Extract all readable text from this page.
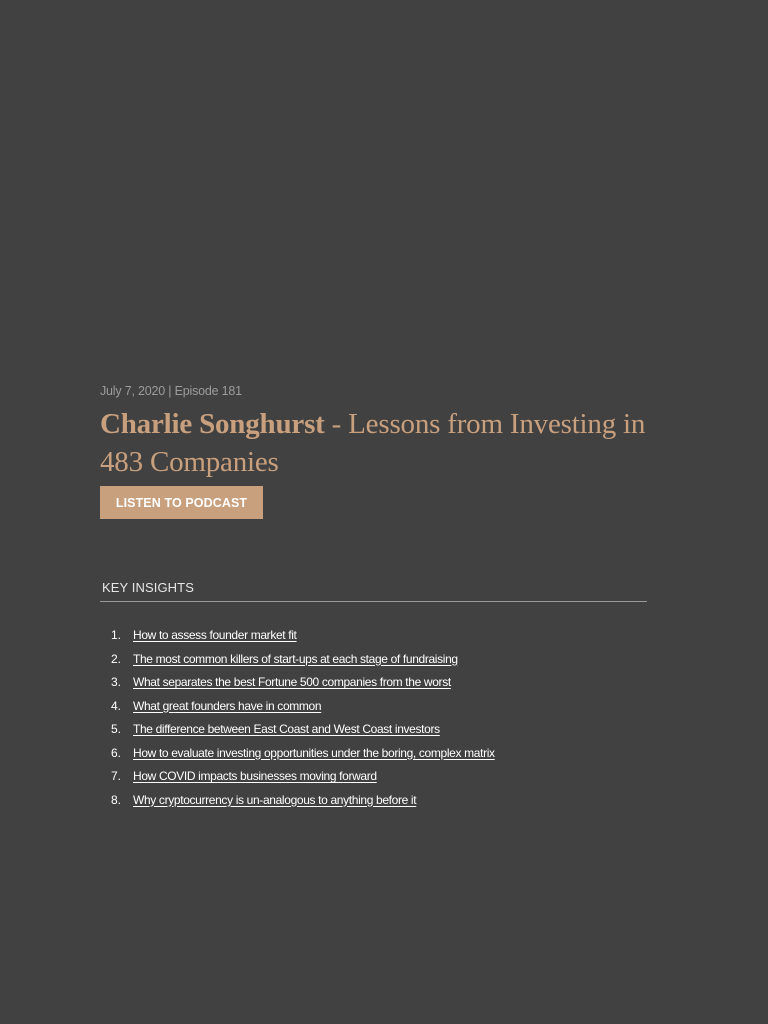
July 7, 2020 | Episode 181

Charlie Songhurst - Lessons from Investing in 483 Companies
LISTEN TO PODCAST
KEY INSIGHTS
1. How to assess founder market fit
2. The most common killers of start-ups at each stage of fundraising
3. What separates the best Fortune 500 companies from the worst
4. What great founders have in common
5. The difference between East Coast and West Coast investors
6. How to evaluate investing opportunities under the boring, complex matrix
7. How COVID impacts businesses moving forward
8. Why cryptocurrency is un-analogous to anything before it
